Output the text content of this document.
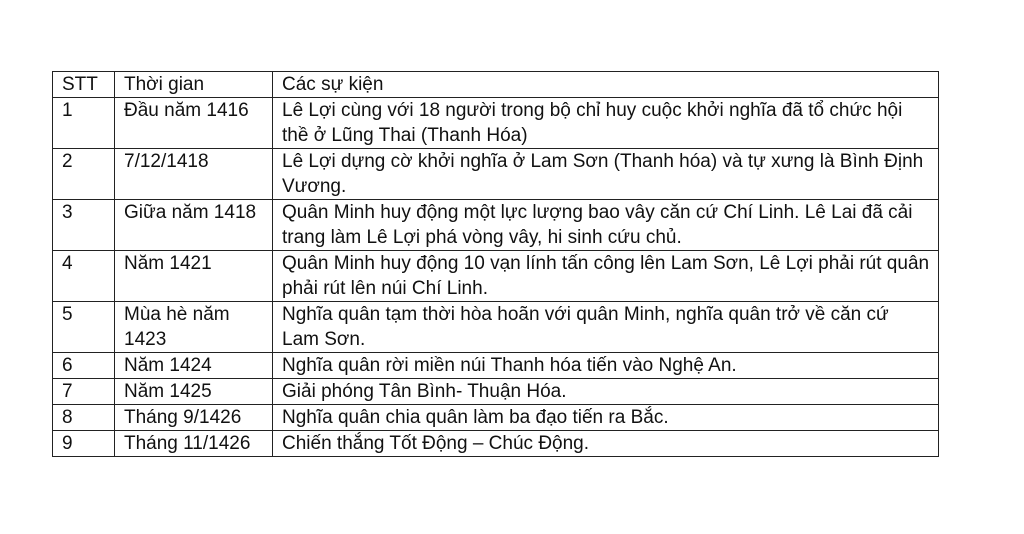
STT	Thời gian	Các sự kiện
1	Đầu năm 1416	Lê Lợi cùng với 18 người trong bộ chỉ huy cuộc khởi nghĩa đã tổ chức hội thề ở Lũng Thai (Thanh Hóa)
2	7/12/1418	Lê Lợi dựng cờ khởi nghĩa ở Lam Sơn (Thanh hóa) và tự xưng là Bình Định Vương.
3	Giữa năm 1418	Quân Minh huy động một lực lượng bao vây căn cứ Chí Linh. Lê Lai đã cải trang làm Lê Lợi phá vòng vây, hi sinh cứu chủ.
4	Năm 1421	Quân Minh huy động 10 vạn lính tấn công lên Lam Sơn, Lê Lợi phải rút quân phải rút lên núi Chí Linh.
5	Mùa hè năm 1423	Nghĩa quân tạm thời hòa hoãn với quân Minh, nghĩa quân trở về căn cứ Lam Sơn.
6	Năm 1424	Nghĩa quân rời miền núi Thanh hóa tiến vào Nghệ An.
7	Năm 1425	Giải phóng Tân Bình- Thuận Hóa.
8	Tháng 9/1426	Nghĩa quân chia quân làm ba đạo tiến ra Bắc.
9	Tháng 11/1426	Chiến thắng Tốt Động – Chúc Động.
